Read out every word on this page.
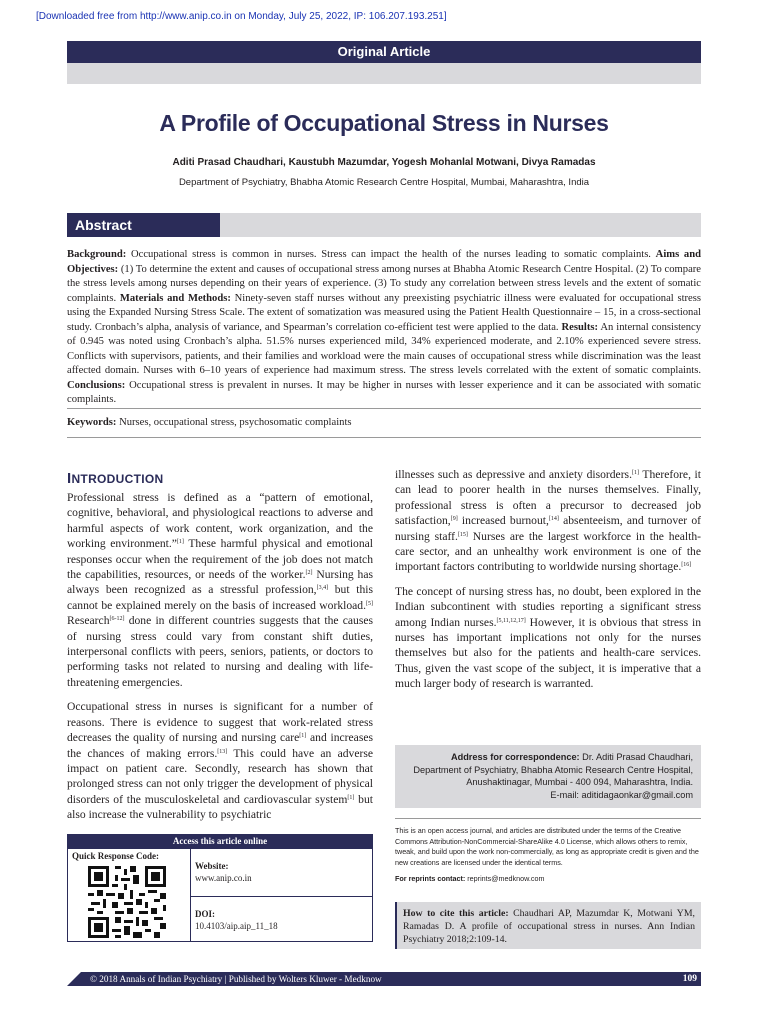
[Downloaded free from http://www.anip.co.in on Monday, July 25, 2022, IP: 106.207.193.251]
Original Article
A Profile of Occupational Stress in Nurses
Aditi Prasad Chaudhari, Kaustubh Mazumdar, Yogesh Mohanlal Motwani, Divya Ramadas
Department of Psychiatry, Bhabha Atomic Research Centre Hospital, Mumbai, Maharashtra, India
Abstract
Background: Occupational stress is common in nurses. Stress can impact the health of the nurses leading to somatic complaints. Aims and Objectives: (1) To determine the extent and causes of occupational stress among nurses at Bhabha Atomic Research Centre Hospital. (2) To compare the stress levels among nurses depending on their years of experience. (3) To study any correlation between stress levels and the extent of somatic complaints. Materials and Methods: Ninety-seven staff nurses without any preexisting psychiatric illness were evaluated for occupational stress using the Expanded Nursing Stress Scale. The extent of somatization was measured using the Patient Health Questionnaire – 15, in a cross-sectional study. Cronbach’s alpha, analysis of variance, and Spearman’s correlation co-efficient test were applied to the data. Results: An internal consistency of 0.945 was noted using Cronbach’s alpha. 51.5% nurses experienced mild, 34% experienced moderate, and 2.10% experienced severe stress. Conflicts with supervisors, patients, and their families and workload were the main causes of occupational stress while discrimination was the least affected domain. Nurses with 6–10 years of experience had maximum stress. The stress levels correlated with the extent of somatic complaints. Conclusions: Occupational stress is prevalent in nurses. It may be higher in nurses with lesser experience and it can be associated with somatic complaints.
Keywords: Nurses, occupational stress, psychosomatic complaints
INTRODUCTION

Professional stress is defined as a “pattern of emotional, cognitive, behavioral, and physiological reactions to adverse and harmful aspects of work content, work organization, and the working environment.”[1] These harmful physical and emotional responses occur when the requirement of the job does not match the capabilities, resources, or needs of the worker.[2] Nursing has always been recognized as a stressful profession,[3,4] but this cannot be explained merely on the basis of increased workload.[5] Research[6-12] done in different countries suggests that the causes of nursing stress could vary from constant shift duties, interpersonal conflicts with peers, seniors, patients, or doctors to performing tasks not related to nursing and dealing with life-threatening emergencies.

Occupational stress in nurses is significant for a number of reasons. There is evidence to suggest that work-related stress decreases the quality of nursing and nursing care[1] and increases the chances of making errors.[13] This could have an adverse impact on patient care. Secondly, research has shown that prolonged stress can not only trigger the development of physical disorders of the musculoskeletal and cardiovascular system[1] but also increase the vulnerability to psychiatric

illnesses such as depressive and anxiety disorders.[1] Therefore, it can lead to poorer health in the nurses themselves. Finally, professional stress is often a precursor to decreased job satisfaction,[9] increased burnout,[14] absenteeism, and turnover of nursing staff.[15] Nurses are the largest workforce in the health-care sector, and an unhealthy work environment is one of the important factors contributing to worldwide nursing shortage.[16]

The concept of nursing stress has, no doubt, been explored in the Indian subcontinent with studies reporting a significant stress among Indian nurses.[5,11,12,17] However, it is obvious that stress in nurses has important implications not only for the nurses themselves but also for the patients and health-care services. Thus, given the vast scope of the subject, it is imperative that a much larger body of research is warranted.

Address for correspondence: Dr. Aditi Prasad Chaudhari,
Department of Psychiatry, Bhabha Atomic Research Centre Hospital,
Anushaktinagar, Mumbai - 400 094, Maharashtra, India.
E-mail: aditidagaonkar@gmail.com
This is an open access journal, and articles are distributed under the terms of the Creative Commons Attribution-NonCommercial-ShareAlike 4.0 License, which allows others to remix, tweak, and build upon the work non-commercially, as long as appropriate credit is given and the new creations are licensed under the identical terms.
For reprints contact: reprints@medknow.com
How to cite this article: Chaudhari AP, Mazumdar K, Motwani YM, Ramadas D. A profile of occupational stress in nurses. Ann Indian Psychiatry 2018;2:109-14.
Access this article online
Quick Response Code:
Website:
www.anip.co.in
DOI:
10.4103/aip.aip_11_18
© 2018 Annals of Indian Psychiatry | Published by Wolters Kluwer - Medknow	109
